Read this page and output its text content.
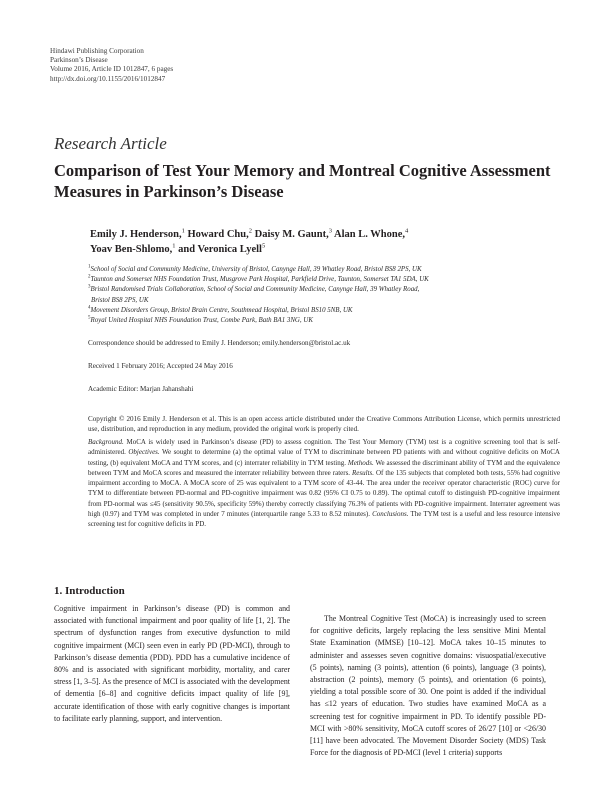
Hindawi Publishing Corporation
Parkinson’s Disease
Volume 2016, Article ID 1012847, 6 pages
http://dx.doi.org/10.1155/2016/1012847
Research Article
Comparison of Test Your Memory and Montreal Cognitive Assessment Measures in Parkinson’s Disease
Emily J. Henderson,$^1$ Howard Chu,$^2$ Daisy M. Gaunt,$^3$ Alan L. Whone,$^4$
Yoav Ben-Shlomo,$^1$ and Veronica Lyell$^5$
$^1$School of Social and Community Medicine, University of Bristol, Canynge Hall, 39 Whatley Road, Bristol BS8 2PS, UK
$^2$Taunton and Somerset NHS Foundation Trust, Musgrove Park Hospital, Parkfield Drive, Taunton, Somerset TA1 5DA, UK
$^3$Bristol Randomised Trials Collaboration, School of Social and Community Medicine, Canynge Hall, 39 Whatley Road,
Bristol BS8 2PS, UK
$^4$Movement Disorders Group, Bristol Brain Centre, Southmead Hospital, Bristol BS10 5NB, UK
$^5$Royal United Hospital NHS Foundation Trust, Combe Park, Bath BA1 3NG, UK
Correspondence should be addressed to Emily J. Henderson; emily.henderson@bristol.ac.uk
Received 1 February 2016; Accepted 24 May 2016
Academic Editor: Marjan Jahanshahi
Copyright © 2016 Emily J. Henderson et al. This is an open access article distributed under the Creative Commons Attribution License, which permits unrestricted use, distribution, and reproduction in any medium, provided the original work is properly cited.
Background. MoCA is widely used in Parkinson’s disease (PD) to assess cognition. The Test Your Memory (TYM) test is a cognitive screening tool that is self-administered. Objectives. We sought to determine (a) the optimal value of TYM to discriminate between PD patients with and without cognitive deficits on MoCA testing, (b) equivalent MoCA and TYM scores, and (c) interrater reliability in TYM testing. Methods. We assessed the discriminant ability of TYM and the equivalence between TYM and MoCA scores and measured the interrater reliability between three raters. Results. Of the 135 subjects that completed both tests, 55% had cognitive impairment according to MoCA. A MoCA score of 25 was equivalent to a TYM score of 43-44. The area under the receiver operator characteristic (ROC) curve for TYM to differentiate between PD-normal and PD-cognitive impairment was 0.82 (95% CI 0.75 to 0.89). The optimal cutoff to distinguish PD-cognitive impairment from PD-normal was ≤45 (sensitivity 90.5%, specificity 59%) thereby correctly classifying 76.3% of patients with PD-cognitive impairment. Interrater agreement was high (0.97) and TYM was completed in under 7 minutes (interquartile range 5.33 to 8.52 minutes). Conclusions. The TYM test is a useful and less resource intensive screening test for cognitive deficits in PD.
1. Introduction
Cognitive impairment in Parkinson’s disease (PD) is common and associated with functional impairment and poor quality of life [1, 2]. The spectrum of dysfunction ranges from executive dysfunction to mild cognitive impairment (MCI) seen even in early PD (PD-MCI), through to Parkinson’s disease dementia (PDD). PDD has a cumulative incidence of 80% and is associated with significant morbidity, mortality, and carer stress [1, 3–5]. As the presence of MCI is associated with the development of dementia [6–8] and cognitive deficits impact quality of life [9], accurate identification of those with early cognitive changes is important to facilitate early planning, support, and intervention.
The Montreal Cognitive Test (MoCA) is increasingly used to screen for cognitive deficits, largely replacing the less sensitive Mini Mental State Examination (MMSE) [10–12]. MoCA takes 10–15 minutes to administer and assesses seven cognitive domains: visuospatial/executive (5 points), naming (3 points), attention (6 points), language (3 points), abstraction (2 points), memory (5 points), and orientation (6 points), yielding a total possible score of 30. One point is added if the individual has ≤12 years of education. Two studies have examined MoCA as a screening test for cognitive impairment in PD. To identify possible PD-MCI with >80% sensitivity, MoCA cutoff scores of 26/27 [10] or <26/30 [11] have been advocated. The Movement Disorder Society (MDS) Task Force for the diagnosis of PD-MCI (level 1 criteria) supports
